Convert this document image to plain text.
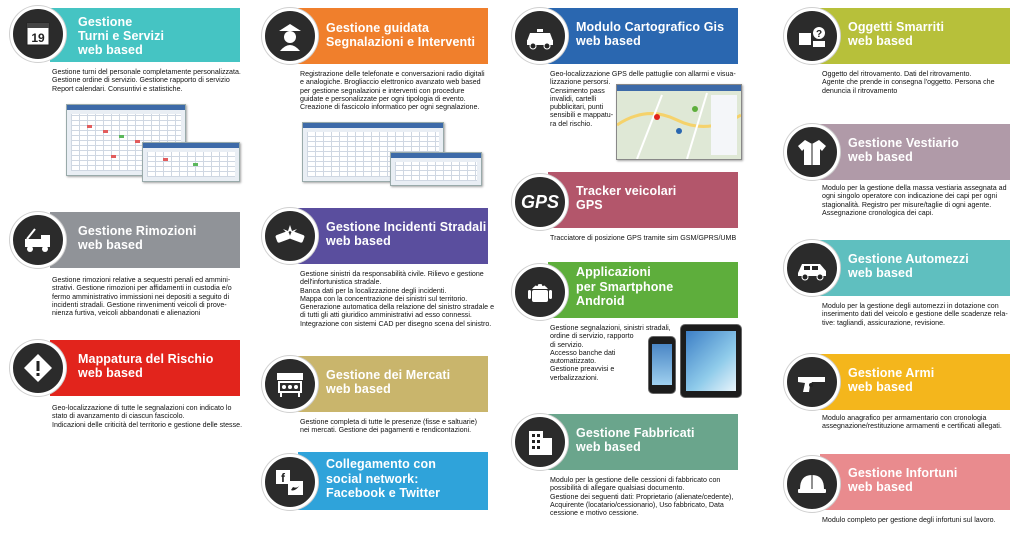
Gestione
Turni e Servizi
web based
19
Gestione turni del personale completamente personalizzata.
Gestione ordine di servizio. Gestione rapporto di servizio
Report calendari. Consuntivi e statistiche.
Gestione Rimozioni
web based
Gestione rimozioni relative a sequestri penali ed ammini-
strativi. Gestione rimozioni per affidamenti in custodia e/o
fermo amministrativo immissioni nei depositi a seguito di
incidenti stradali. Gestione rinvenimenti veicoli di prove-
nienza furtiva, veicoli abbandonati e alienazioni
Mappatura del Rischio
web based
Geo-localizzazione di tutte le segnalazioni con indicato lo
stato di avanzamento di ciascun fascicolo.
Indicazioni delle criticità del territorio e gestione delle stesse.
Gestione guidata
Segnalazioni e Interventi
Registrazione delle telefonate e conversazioni radio digitali
e analogiche. Brogliaccio elettronico avanzato web based
per gestione segnalazioni e interventi con procedure
guidate e personalizzate per ogni tipologia di evento.
Creazione di fascicolo informatico per ogni segnalazione.
Gestione Incidenti Stradali
web based
Gestione sinistri da responsabilità civile. Rilievo e gestione
dell'infortunistica stradale.
Banca dati per la localizzazione degli incidenti.
Mappa con la concentrazione dei sinistri sul territorio.
Generazione automatica della relazione del sinistro stradale e
di tutti gli atti giuridico amministrativi ad esso connessi.
Integrazione con sistemi CAD per disegno scena del sinistro.
Gestione dei Mercati
web based
Gestione completa di tutte le presenze (fisse e saltuarie)
nei mercati. Gestione dei pagamenti e rendicontazioni.
Collegamento con
social network:
Facebook e Twitter
f
Modulo Cartografico Gis
web based
Geo-localizzazione GPS delle pattuglie con allarmi e visua-
lizzazione persorsi.
Censimento pass
invalidi, cartelli
pubblicitari, punti
sensibili e mappatu-
ra del rischio.
Tracker veicolari
GPS
GPS
Tracciatore di posizione GPS tramite sim GSM/GPRS/UMB
Applicazioni
per Smartphone
Android
Gestione segnalazioni, sinistri stradali,
ordine di servizio, rapporto
di servizio.
Accesso banche dati
automatizzato.
Gestione preavvisi e
verbalizzazioni.
Gestione Fabbricati
web based
Modulo per la gestione delle cessioni di fabbricato con
possibilità di allegare qualsiasi documento.
Gestione dei seguenti dati: Proprietario (alienate/cedente),
Acquirente (locatario/cessionario), Uso fabbricato, Data
cessione e motivo cessione.
Oggetti Smarriti
web based
?
Oggetto del ritrovamento. Dati del ritrovamento.
Agente che prende in consegna l'oggetto. Persona che
denuncia il ritrovamento
Gestione Vestiario
web based
Modulo per la gestione della massa vestiaria assegnata ad
ogni singolo operatore con indicazione dei capi per ogni
stagionalità. Registro per misure/taglie di ogni agente.
Assegnazione cronologica dei capi.
Gestione Automezzi
web based
Modulo per la gestione degli automezzi in dotazione con
inserimento dati del veicolo e gestione delle scadenze rela-
tive: tagliandi, assicurazione, revisione.
Gestione Armi
web based
Modulo anagrafico per armamentario con cronologia
assegnazione/restituzione armamenti e certificati allegati.
Gestione Infortuni
web based
Modulo completo per gestione degli infortuni sul lavoro.
